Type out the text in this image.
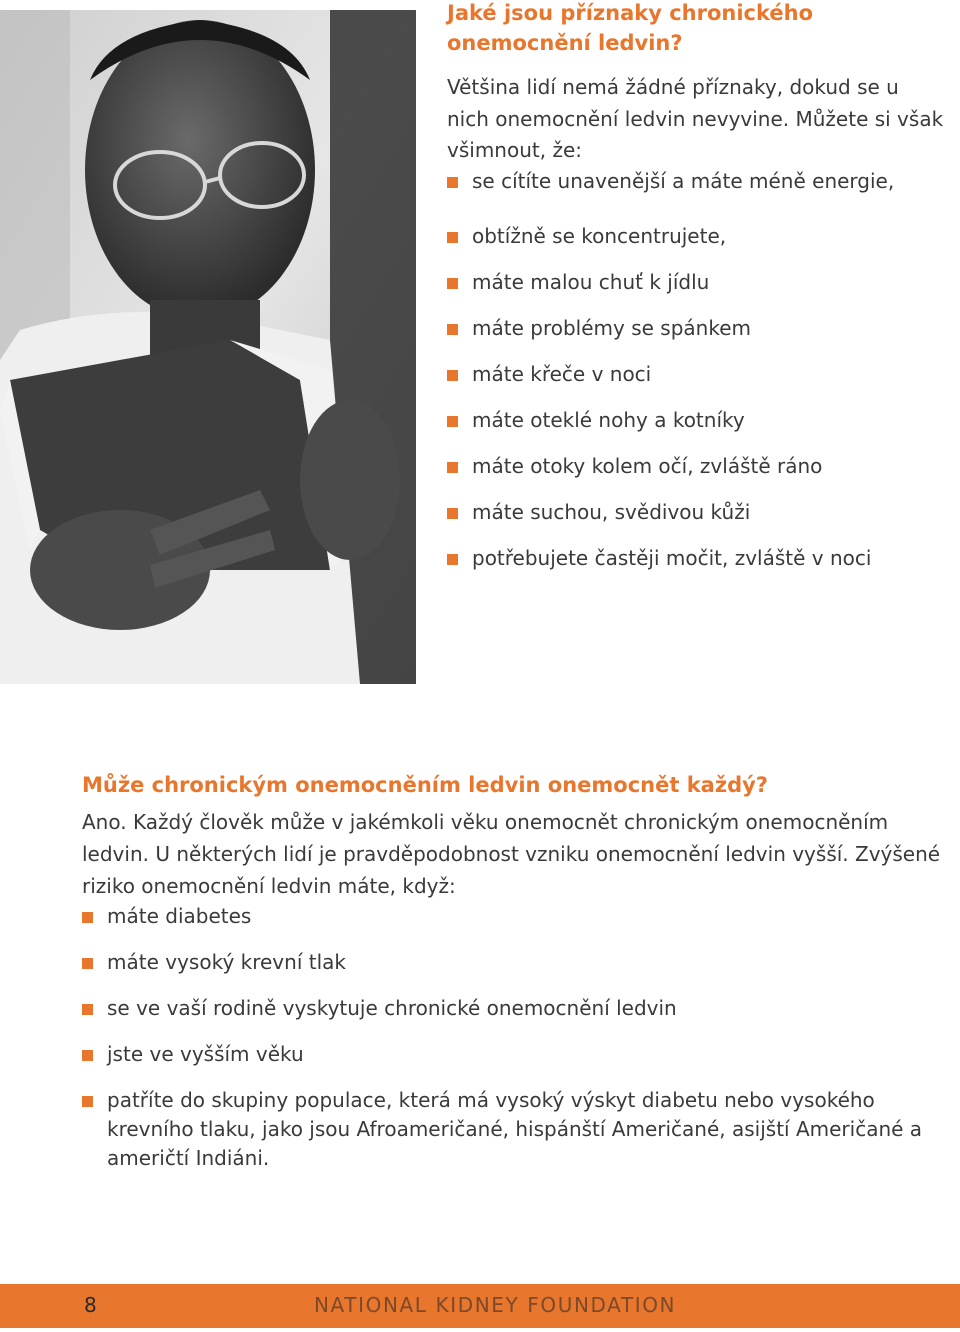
Jaké jsou příznaky chronického onemocnění ledvin?

Většina lidí nemá žádné příznaky, dokud se u nich onemocnění ledvin nevyvine. Můžete si však všimnout, že:

se cítíte unavenější a máte méně energie,
obtížně se koncentrujete,
máte malou chuť k jídlu
máte problémy se spánkem
máte křeče v noci
máte oteklé nohy a kotníky
máte otoky kolem očí, zvláště ráno
máte suchou, svědivou kůži
potřebujete častěji močit, zvláště v noci
Může chronickým onemocněním ledvin onemocnět každý?

Ano. Každý člověk může v jakémkoli věku onemocnět chronickým onemocněním ledvin. U některých lidí je pravděpodobnost vzniku onemocnění ledvin vyšší. Zvýšené riziko onemocnění ledvin máte, když:

máte diabetes
máte vysoký krevní tlak
se ve vaší rodině vyskytuje chronické onemocnění ledvin
jste ve vyšším věku
patříte do skupiny populace, která má vysoký výskyt diabetu nebo vysokého krevního tlaku, jako jsou Afroameričané, hispánští Američané, asijští Američané a američtí Indiáni.
8	NATIONAL KIDNEY FOUNDATION
